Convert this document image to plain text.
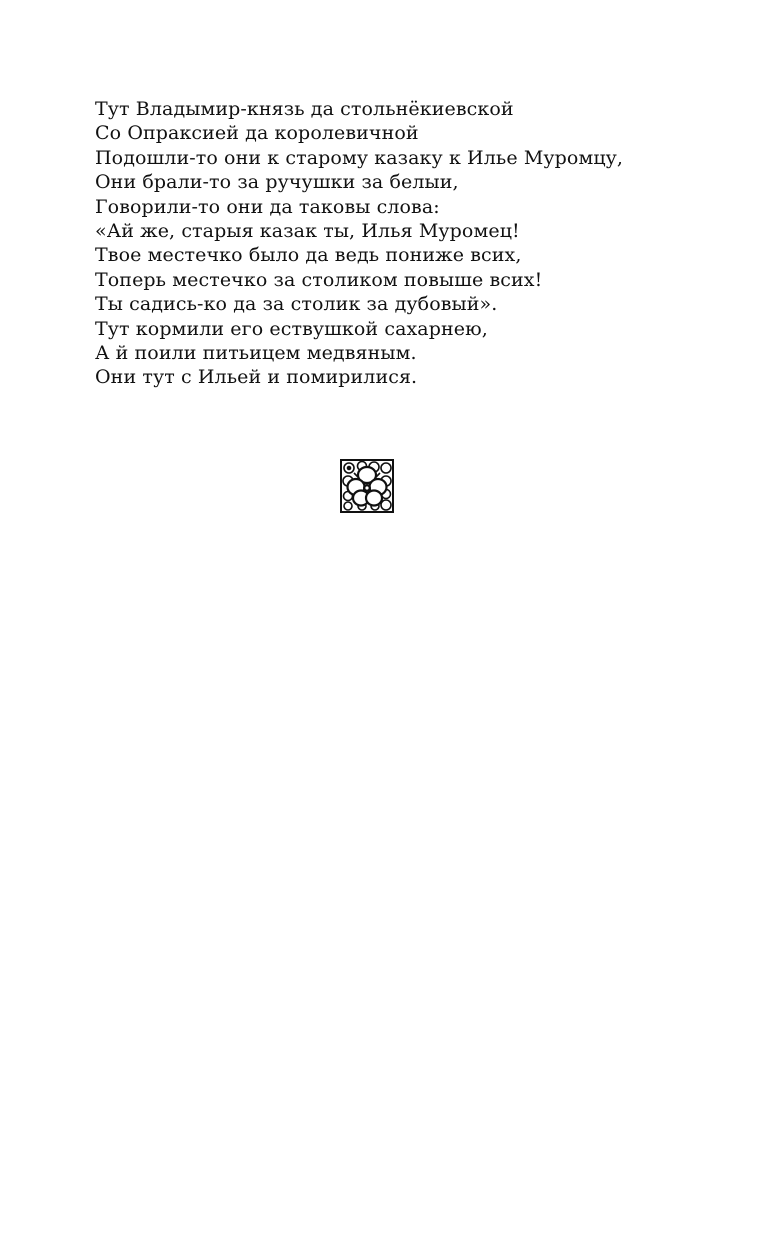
Тут Владымир-князь да стольнёкиевской
Со Опраксией да королевичной
Подошли-то они к старому казаку к Илье Муромцу,
Они брали-то за ручушки за белыи,
Говорили-то они да таковы слова:
«Ай же, старыя казак ты, Илья Муромец!
Твое местечко было да ведь пониже всих,
Топерь местечко за столиком повыше всих!
Ты садись-ко да за столик за дубовый».
Тут кормили его ествушкой сахарнею,
А й поили питьицем медвяным.
Они тут с Ильей и помирилися.
